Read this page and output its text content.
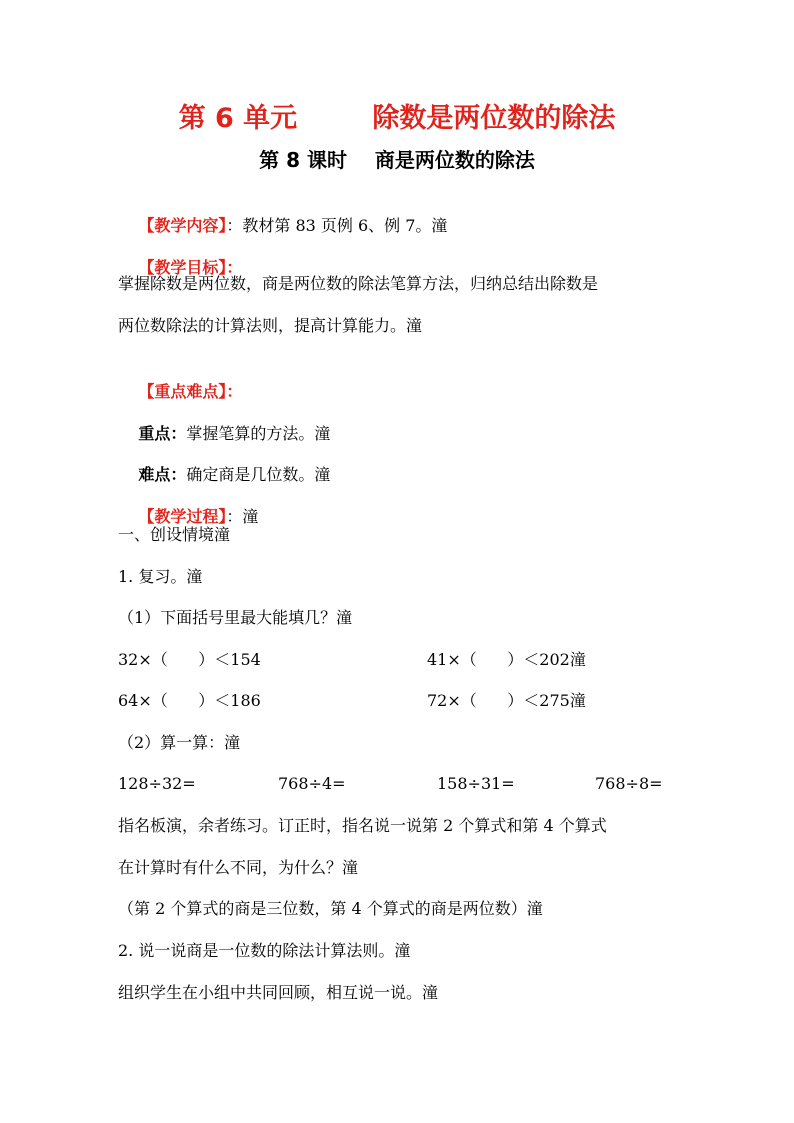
第 6 单元        除数是两位数的除法
第 8 课时    商是两位数的除法

【教学内容】：教材第 83 页例 6、例 7。潼

【教学目标】：

掌握除数是两位数，商是两位数的除法笔算方法，归纳总结出除数是
两位数除法的计算法则，提高计算能力。潼

【重点难点】：

重点：掌握笔算的方法。潼

难点：确定商是几位数。潼

【教学过程】：潼

一、创设情境潼
1. 复习。潼
（1）下面括号里最大能填几？潼
32×（      ）＜154	41×（      ）＜202潼
64×（      ）＜186	72×（      ）＜275潼
（2）算一算：潼
128÷32=	768÷4=	158÷31=	768÷8=
指名板演，余者练习。订正时，指名说一说第 2 个算式和第 4 个算式
在计算时有什么不同，为什么？潼
（第 2 个算式的商是三位数，第 4 个算式的商是两位数）潼
2. 说一说商是一位数的除法计算法则。潼
组织学生在小组中共同回顾，相互说一说。潼
